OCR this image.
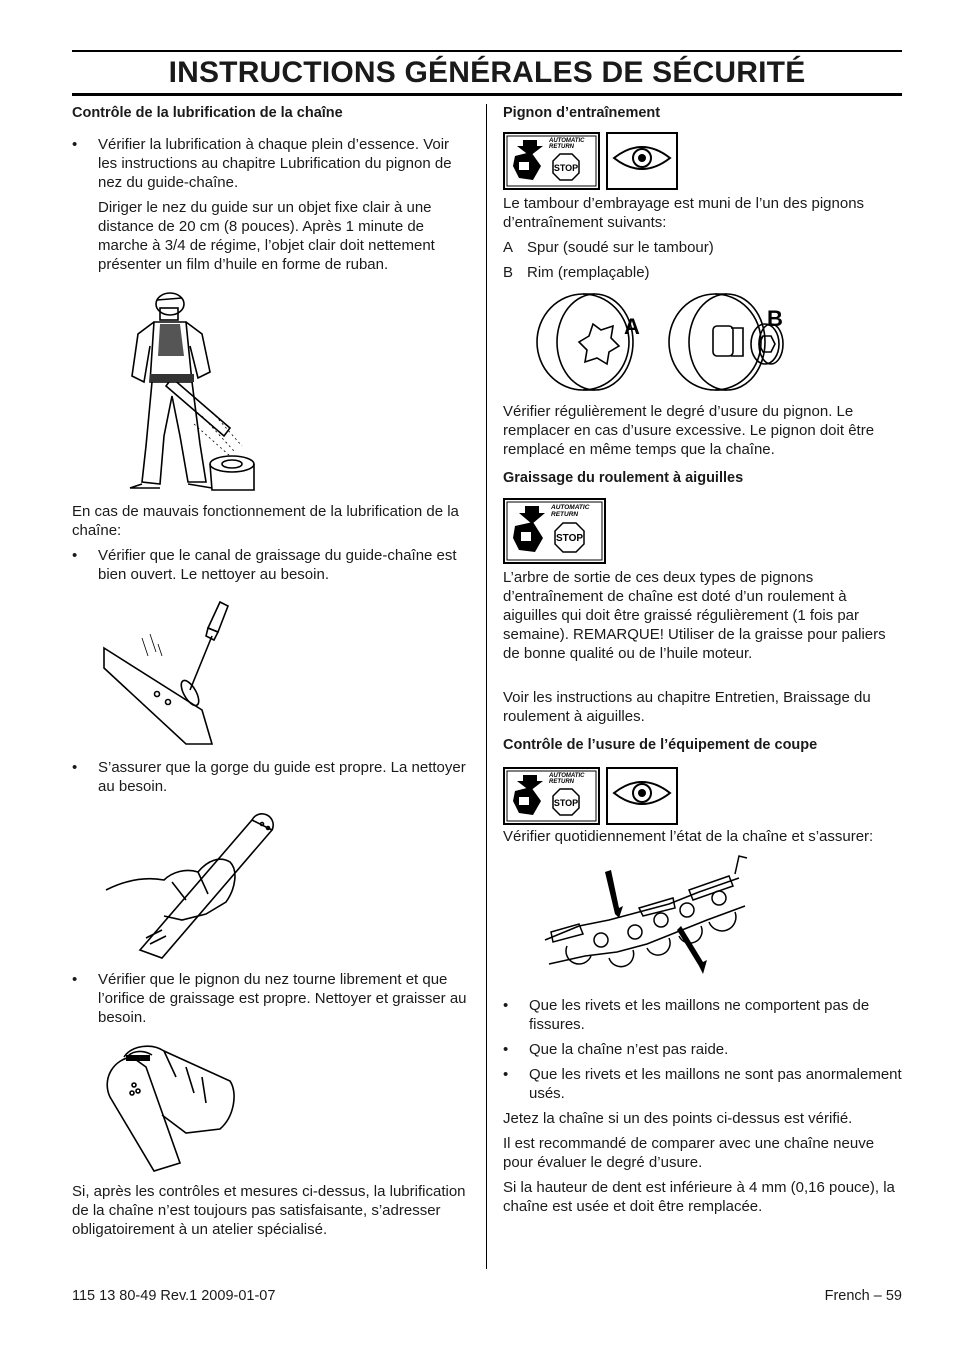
INSTRUCTIONS GÉNÉRALES DE SÉCURITÉ
Contrôle de la lubrification de la chaîne

• Vérifier la lubrification à chaque plein d’essence. Voir les instructions au chapitre Lubrification du pignon de nez du guide-chaîne.

Diriger le nez du guide sur un objet fixe clair à une distance de 20 cm (8 pouces). Après 1 minute de marche à 3/4 de régime, l’objet clair doit nettement présenter un film d’huile en forme de ruban.

En cas de mauvais fonctionnement de la lubrification de la chaîne:

• Vérifier que le canal de graissage du guide-chaîne est bien ouvert. Le nettoyer au besoin.

• S’assurer que la gorge du guide est propre. La nettoyer au besoin.

• Vérifier que le pignon du nez tourne librement et que l’orifice de graissage est propre. Nettoyer et graisser au besoin.

Si, après les contrôles et mesures ci-dessus, la lubrification de la chaîne n’est toujours pas satisfaisante, s’adresser obligatoirement à un atelier spécialisé.

Pignon d’entraînement
AUTOMATIC
RETURN
STOP

Le tambour d’embrayage est muni de l’un des pignons d’entraînement suivants:

A Spur (soudé sur le tambour)

B Rim (remplaçable)

A	B

Vérifier régulièrement le degré d’usure du pignon. Le remplacer en cas d’usure excessive. Le pignon doit être remplacé en même temps que la chaîne.

Graissage du roulement à aiguilles
AUTOMATIC
RETURN
STOP

L’arbre de sortie de ces deux types de pignons d’entraînement de chaîne est doté d’un roulement à aiguilles qui doit être graissé régulièrement (1 fois par semaine). REMARQUE! Utiliser de la graisse pour paliers de bonne qualité ou de l’huile moteur.

Voir les instructions au chapitre Entretien, Braissage du roulement à aiguilles.

Contrôle de l’usure de l’équipement de coupe
AUTOMATIC
RETURN
STOP

Vérifier quotidiennement l’état de la chaîne et s’assurer:

• Que les rivets et les maillons ne comportent pas de fissures.

• Que la chaîne n’est pas raide.

• Que les rivets et les maillons ne sont pas anormalement usés.

Jetez la chaîne si un des points ci-dessus est vérifié.

Il est recommandé de comparer avec une chaîne neuve pour évaluer le degré d’usure.

Si la hauteur de dent est inférieure à 4 mm (0,16 pouce), la chaîne est usée et doit être remplacée.

115 13 80-49 Rev.1 2009-01-07	French – 59
